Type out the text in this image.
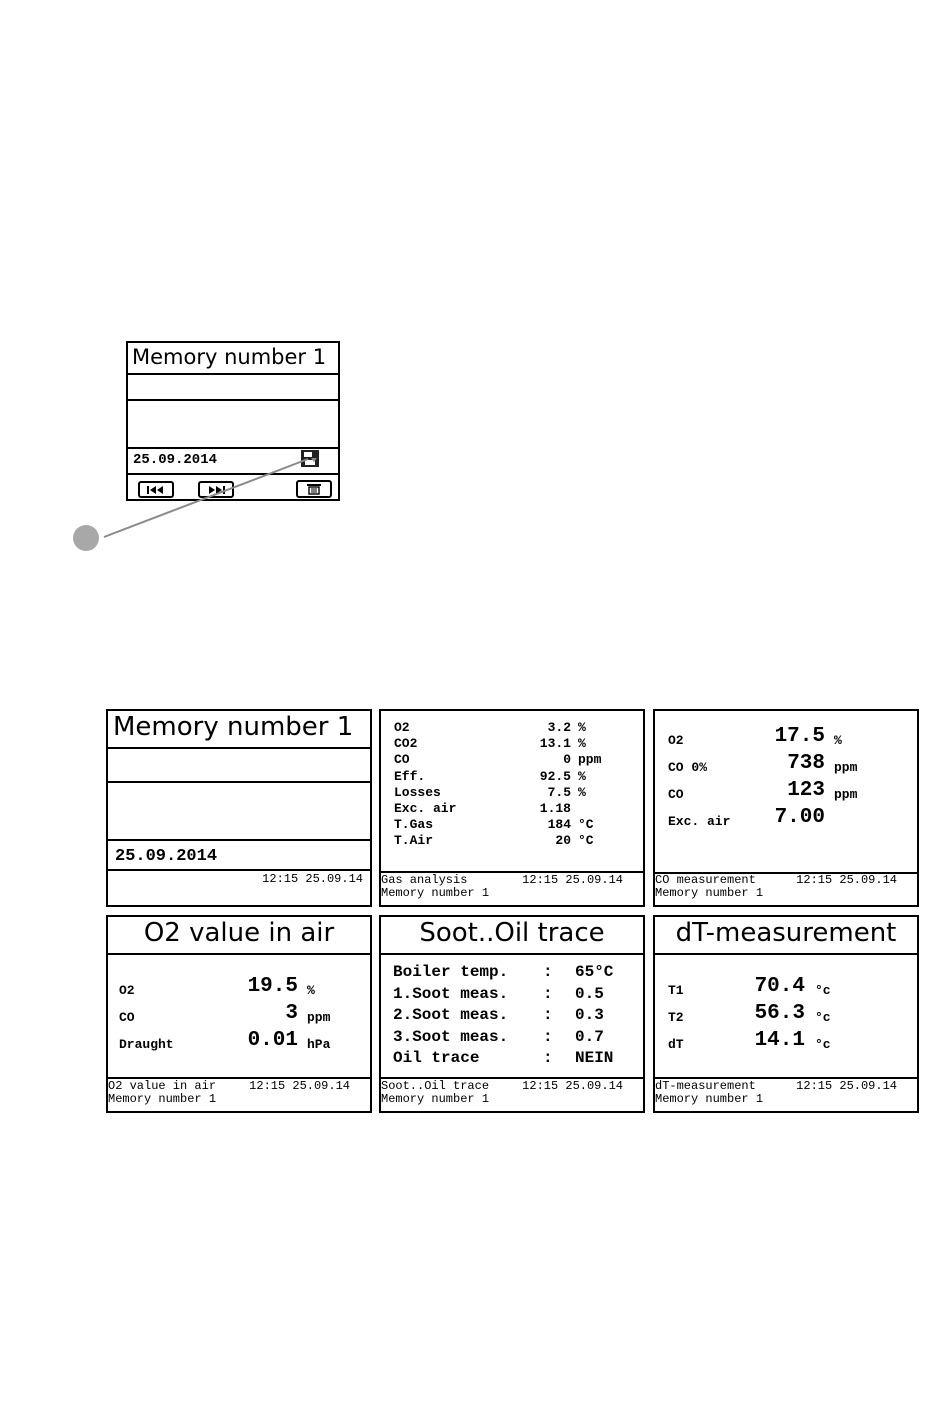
Memory number 1
25.09.2014
Memory number 1
25.09.2014
12:15 25.09.14
O2	3.2 %
CO2	13.1 %
CO	0 ppm
Eff.	92.5 %
Losses	7.5 %
Exc. air	1.18
T.Gas	184 °C
T.Air	20 °C
Gas analysis	12:15 25.09.14
Memory number 1
O2	17.5 %
CO 0%	738 ppm
CO	123 ppm
Exc. air 7.00
CO measurement	12:15 25.09.14
Memory number 1
O2 value in air
O2	19.5 %
CO	3 ppm
Draught	0.01 hPa
O2 value in air	12:15 25.09.14
Memory number 1
Soot..Oil trace
Boiler temp. : 65°C
1.Soot meas. : 0.5
2.Soot meas. : 0.3
3.Soot meas. : 0.7
Oil trace	: NEIN
Soot..Oil trace	12:15 25.09.14
Memory number 1
dT-measurement
T1	70.4 °c
T2	56.3 °c
dT	14.1 °c
dT-measurement	12:15 25.09.14
Memory number 1
